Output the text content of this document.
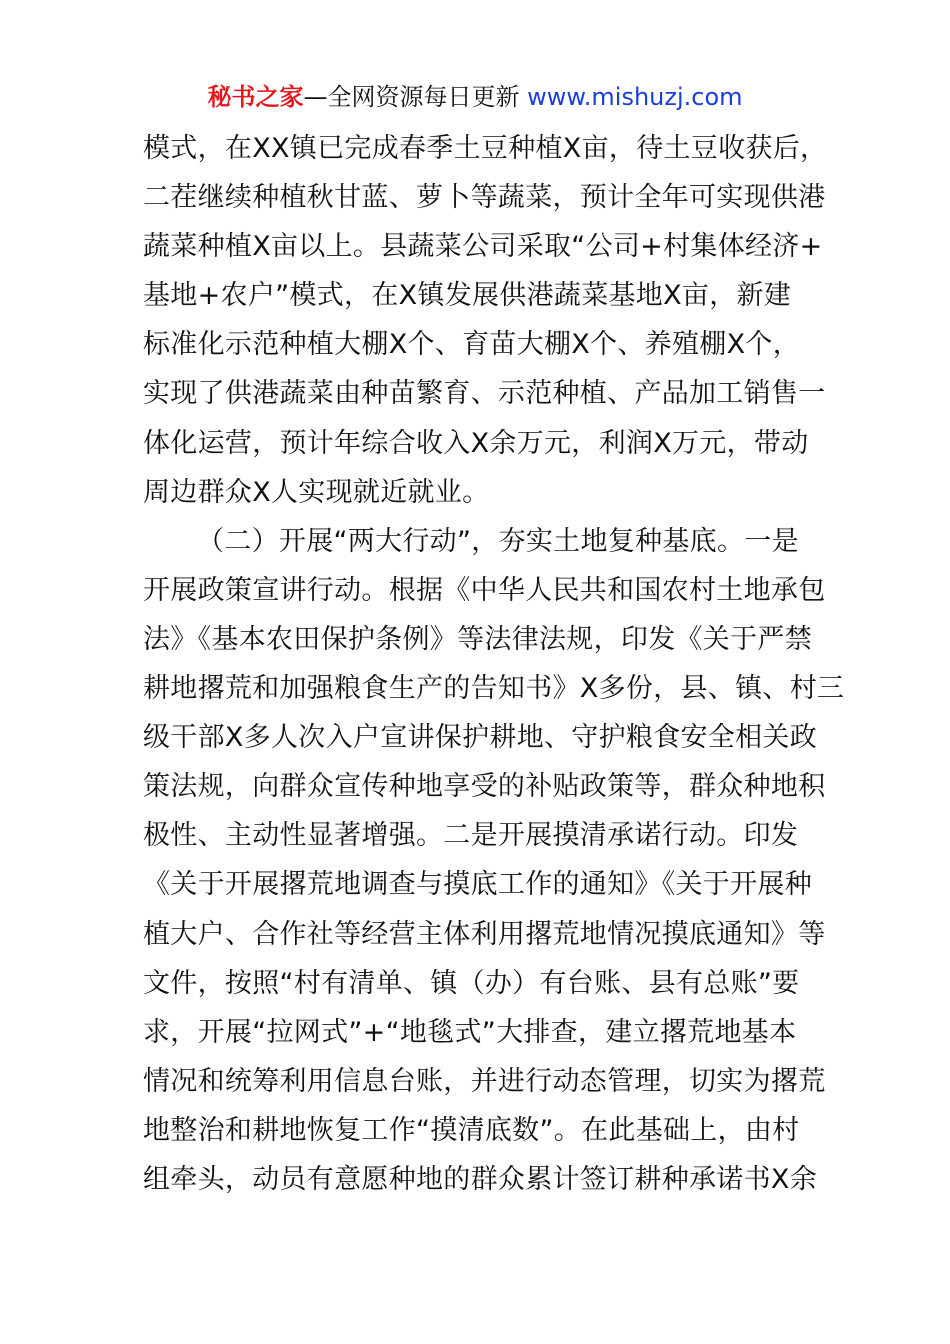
秘书之家—全网资源每日更新 www.mishuzj.com
模式，在XX镇已完成春季土豆种植X亩，待土豆收获后，
二茬继续种植秋甘蓝、萝卜等蔬菜，预计全年可实现供港
蔬菜种植X亩以上。县蔬菜公司采取“公司+村集体经济+
基地+农户”模式，在X镇发展供港蔬菜基地X亩，新建
标准化示范种植大棚X个、育苗大棚X个、养殖棚X个，
实现了供港蔬菜由种苗繁育、示范种植、产品加工销售一
体化运营，预计年综合收入X余万元，利润X万元，带动
周边群众X人实现就近就业。
（二）开展“两大行动”，夯实土地复种基底。一是
开展政策宣讲行动。根据《中华人民共和国农村土地承包
法》《基本农田保护条例》等法律法规，印发《关于严禁
耕地撂荒和加强粮食生产的告知书》X多份，县、镇、村三
级干部X多人次入户宣讲保护耕地、守护粮食安全相关政
策法规，向群众宣传种地享受的补贴政策等，群众种地积
极性、主动性显著增强。二是开展摸清承诺行动。印发
《关于开展撂荒地调查与摸底工作的通知》《关于开展种
植大户、合作社等经营主体利用撂荒地情况摸底通知》等
文件，按照“村有清单、镇（办）有台账、县有总账”要
求，开展“拉网式”+“地毯式”大排查，建立撂荒地基本
情况和统筹利用信息台账，并进行动态管理，切实为撂荒
地整治和耕地恢复工作“摸清底数”。在此基础上，由村
组牵头，动员有意愿种地的群众累计签订耕种承诺书X余
